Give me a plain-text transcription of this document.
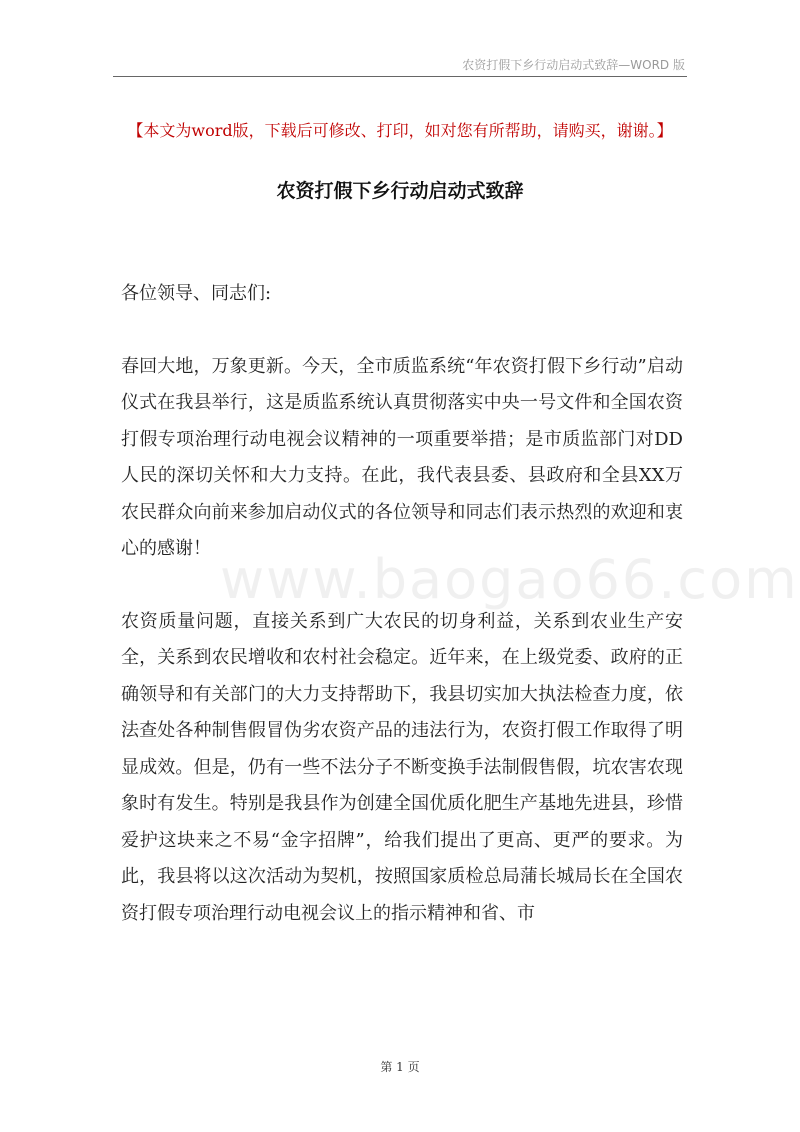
农资打假下乡行动启动式致辞—WORD 版
【本文为word版，下载后可修改、打印，如对您有所帮助，请购买，谢谢。】
农资打假下乡行动启动式致辞
www.baogao66.com

各位领导、同志们:

春回大地，万象更新。今天，全市质监系统“年农资打假下乡行动”启动仪式在我县举行，这是质监系统认真贯彻落实中央一号文件和全国农资打假专项治理行动电视会议精神的一项重要举措；是市质监部门对DD人民的深切关怀和大力支持。在此，我代表县委、县政府和全县XX万农民群众向前来参加启动仪式的各位领导和同志们表示热烈的欢迎和衷心的感谢！

农资质量问题，直接关系到广大农民的切身利益，关系到农业生产安全，关系到农民增收和农村社会稳定。近年来，在上级党委、政府的正确领导和有关部门的大力支持帮助下，我县切实加大执法检查力度，依法查处各种制售假冒伪劣农资产品的违法行为，农资打假工作取得了明显成效。但是，仍有一些不法分子不断变换手法制假售假，坑农害农现象时有发生。特别是我县作为创建全国优质化肥生产基地先进县，珍惜爱护这块来之不易“金字招牌”，给我们提出了更高、更严的要求。为此，我县将以这次活动为契机，按照国家质检总局蒲长城局长在全国农资打假专项治理行动电视会议上的指示精神和省、市

第 1 页
